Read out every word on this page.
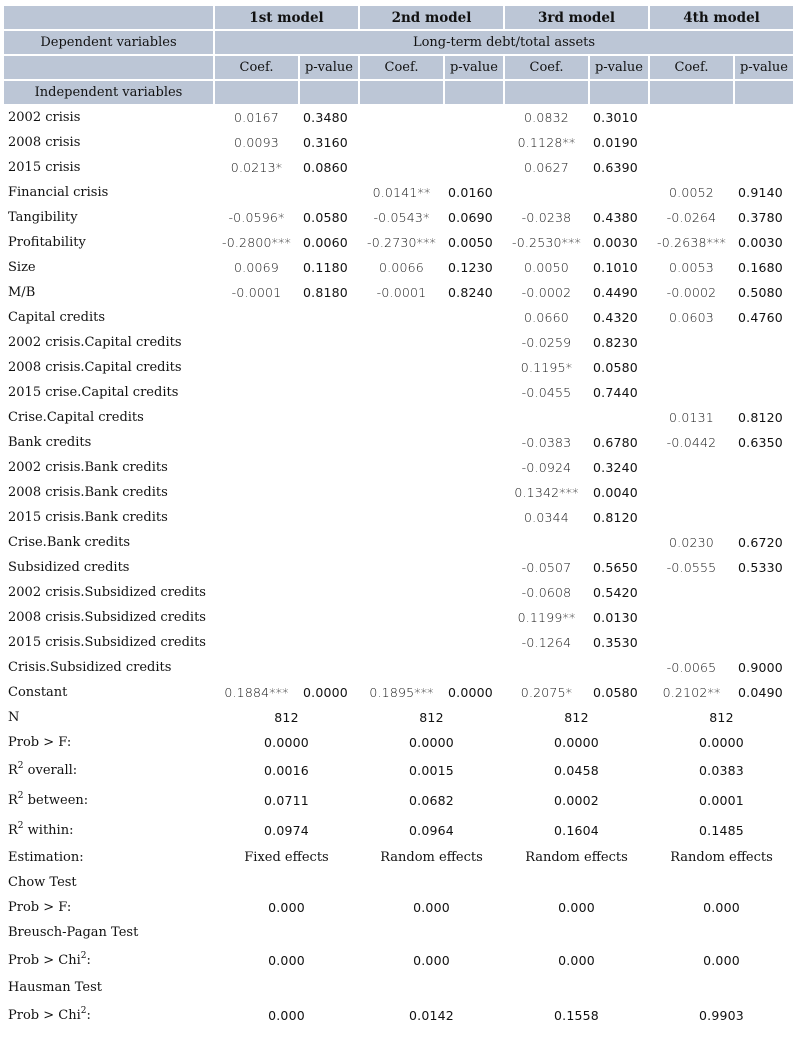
	1st model		2nd model		3rd model		4th model	
Dependent variables	Long-term debt/total assets							
	Coef.	p-value	Coef.	p-value	Coef.	p-value	Coef.	p-value
Independent variables								
2002 crisis	0.0167	0.3480			0.0832	0.3010		
2008 crisis	0.0093	0.3160			0.1128**	0.0190		
2015 crisis	0.0213*	0.0860			0.0627	0.6390		
Financial crisis			0.0141**	0.0160			0.0052	0.9140
Tangibility	-0.0596*	0.0580	-0.0543*	0.0690	-0.0238	0.4380	-0.0264	0.3780
Profitability	-0.2800***	0.0060	-0.2730***	0.0050	-0.2530***	0.0030	-0.2638***	0.0030
Size	0.0069	0.1180	0.0066	0.1230	0.0050	0.1010	0.0053	0.1680
M/B	-0.0001	0.8180	-0.0001	0.8240	-0.0002	0.4490	-0.0002	0.5080
Capital credits					0.0660	0.4320	0.0603	0.4760
2002 crisis.Capital credits					-0.0259	0.8230		
2008 crisis.Capital credits					0.1195*	0.0580		
2015 crise.Capital credits					-0.0455	0.7440		
Crise.Capital credits							0.0131	0.8120
Bank credits					-0.0383	0.6780	-0.0442	0.6350
2002 crisis.Bank credits					-0.0924	0.3240		
2008 crisis.Bank credits					0.1342***	0.0040		
2015 crisis.Bank credits					0.0344	0.8120		
Crise.Bank credits							0.0230	0.6720
Subsidized credits					-0.0507	0.5650	-0.0555	0.5330
2002 crisis.Subsidized credits					-0.0608	0.5420		
2008 crisis.Subsidized credits					0.1199**	0.0130		
2015 crisis.Subsidized credits					-0.1264	0.3530		
Crisis.Subsidized credits							-0.0065	0.9000
Constant	0.1884***	0.0000	0.1895***	0.0000	0.2075*	0.0580	0.2102**	0.0490
N	812		812		812		812	
Prob > F:	0.0000		0.0000		0.0000		0.0000	
$R^2$ overall:	0.0016		0.0015		0.0458		0.0383	
$R^2$ between:	0.0711		0.0682		0.0002		0.0001	
$R^2$ within:	0.0974		0.0964		0.1604		0.1485	
Estimation:	Fixed effects		Random effects		Random effects		Random effects	
Chow Test								
Prob > F:	0.000		0.000		0.000		0.000	
Breusch-Pagan Test								
Prob > Chi$^2$:	0.000		0.000		0.000		0.000	
Hausman Test								
Prob > Chi$^2$:	0.000		0.0142		0.1558		0.9903	
